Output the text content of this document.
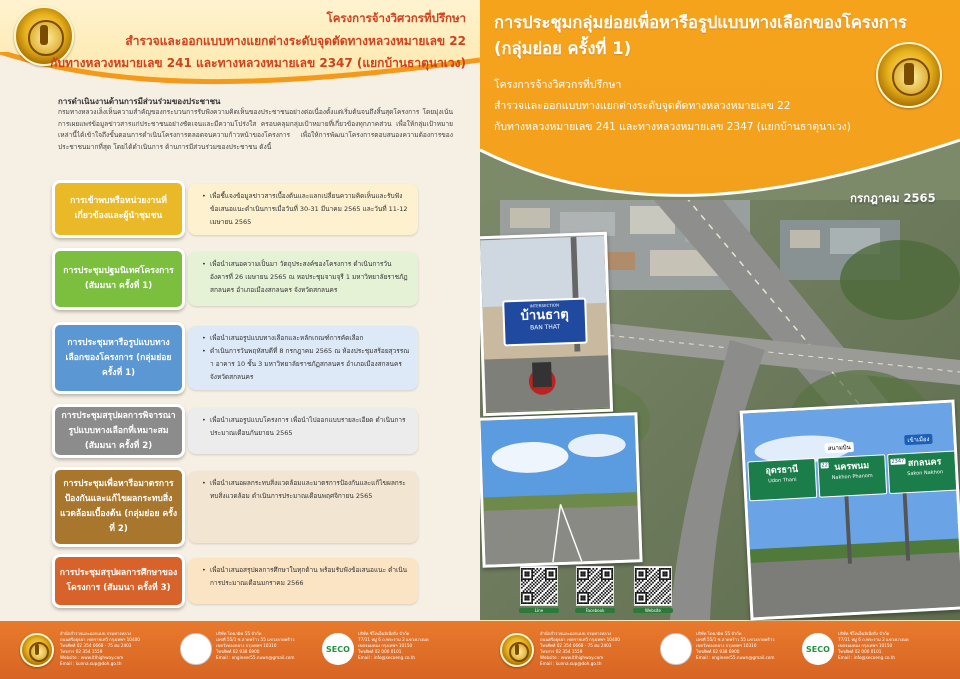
โครงการจ้างวิศวกรที่ปรึกษา
สำรวจและออกแบบทางแยกต่างระดับจุดตัดทางหลวงหมายเลข 22
กับทางหลวงหมายเลข 241 และทางหลวงหมายเลข 2347 (แยกบ้านธาตุนาเวง)
การดำเนินงานด้านการมีส่วนร่วมของประชาชน
กรมทางหลวงเล็งเห็นความสำคัญของกระบวนการรับฟังความคิดเห็นของประชาชนอย่างต่อเนื่องตั้งแต่เริ่มต้นจนถึงสิ้นสุดโครงการ โดยมุ่งเน้นการเผยแพร่ข้อมูลข่าวสารแก่ประชาชนอย่างชัดเจนและมีความโปร่งใส ครอบคลุมกลุ่มเป้าหมายที่เกี่ยวข้องทุกภาคส่วน เพื่อให้กลุ่มเป้าหมายเหล่านี้ได้เข้าใจถึงขั้นตอนการดำเนินโครงการตลอดจนความก้าวหน้าของโครงการ เพื่อให้การพัฒนาโครงการตอบสนองความต้องการของประชาชนมากที่สุด โดยได้ดำเนินการ ด้านการมีส่วนร่วมของประชาชน ดังนี้
การเข้าพบหรือหน่วยงานที่เกี่ยวข้องและผู้นำชุมชน
• เพื่อชี้แจงข้อมูลข่าวสารเบื้องต้นและแลกเปลี่ยนความคิดเห็นและรับฟังข้อเสนอแนะดำเนินการเมื่อวันที่ 30-31 มีนาคม 2565 และวันที่ 11-12 เมษายน 2565
การประชุมปฐมนิเทศโครงการ (สัมมนา ครั้งที่ 1)
• เพื่อนำเสนอความเป็นมา วัตถุประสงค์ของโครงการ ดำเนินการวันอังคารที่ 26 เมษายน 2565 ณ หอประชุมจามจุรี 1 มหาวิทยาลัยราชภัฏสกลนคร อำเภอเมืองสกลนคร จังหวัดสกลนคร
การประชุมหารือรูปแบบทางเลือกของโครงการ (กลุ่มย่อย ครั้งที่ 1)
• เพื่อนำเสนอรูปแบบทางเลือกและหลักเกณฑ์การคัดเลือก
• ดำเนินการวันพฤหัสบดีที่ 8 กรกฎาคม 2565 ณ ห้องประชุมสร้อยสุวรรณา อาคาร 10 ชั้น 3 มหาวิทยาลัยราชภัฏสกลนคร อำเภอเมืองสกลนคร จังหวัดสกลนคร
การประชุมสรุปผลการพิจารณารูปแบบทางเลือกที่เหมาะสม (สัมมนา ครั้งที่ 2)
• เพื่อนำเสนอรูปแบบโครงการ เพื่อนำไปออกแบบรายละเอียด ดำเนินการประมาณเดือนกันยายน 2565
การประชุมเพื่อหารือมาตรการป้องกันและแก้ไขผลกระทบสิ่งแวดล้อมเบื้องต้น (กลุ่มย่อย ครั้งที่ 2)
• เพื่อนำเสนอผลกระทบสิ่งแวดล้อมและมาตรการป้องกันและแก้ไขผลกระทบสิ่งแวดล้อม ดำเนินการประมาณเดือนพฤศจิกายน 2565
การประชุมสรุปผลการศึกษาของโครงการ (สัมมนา ครั้งที่ 3)
• เพื่อนำเสนอสรุปผลการศึกษาในทุกด้าน พร้อมรับฟังข้อเสนอแนะ ดำเนินการประมาณเดือนมกราคม 2566
สำนักสำรวจและออกแบบ กรมทางหลวง
ถนนศรีอยุธยา เขตราชเทวี กรุงเทพฯ 10400
โทรศัพท์ 02 354 6668 - 75 ต่อ 2403
โทรสาร 02 354 1559
Website : www.ltlhighway.com
Email : kunna.sup@doh.go.th
บริษัท ไดนามิค 55 จำกัด
เลขที่ 55/1 ซ.ลาดพร้าว 55 แขวงลาดพร้าว
เขตวังทองหลาง กรุงเทพฯ 10310
โทรศัพท์ 02 938 6900
Email : engineer55.nuwn@gmail.com
SECO
บริษัท ซีโคเอ็นจิเนียริ่ง จำกัด
77/11 หมู่ 6 ถ.พระราม 2 แขวงบางมด
เขตจอมทอง กรุงเทพฯ 10150
โทรศัพท์ 02 000 0101
Email : info@secoeng.co.th
การประชุมกลุ่มย่อยเพื่อหารือรูปแบบทางเลือกของโครงการ
(กลุ่มย่อย ครั้งที่ 1)
โครงการจ้างวิศวกรที่ปรึกษา
สำรวจและออกแบบทางแยกต่างระดับจุดตัดทางหลวงหมายเลข 22
กับทางหลวงหมายเลข 241 และทางหลวงหมายเลข 2347 (แยกบ้านธาตุนาเวง)
กรกฎาคม 2565
INTERSECTION
บ้านธาตุ
BAN THAT
สนามบิน
เข้าเมือง
อุดรธานี
Udon Thani
นครพนม
Nakhon Phanom
22	สกลนคร
Sakon Nakhon
2347
Line	Facebook	Website
สำนักสำรวจและออกแบบ กรมทางหลวง
ถนนศรีอยุธยา เขตราชเทวี กรุงเทพฯ 10400
โทรศัพท์ 02 354 6668 - 75 ต่อ 2403
โทรสาร 02 354 1559
Website : www.ltlhighway.com
Email : kunna.sup@doh.go.th
บริษัท ไดนามิค 55 จำกัด
เลขที่ 55/1 ซ.ลาดพร้าว 55 แขวงลาดพร้าว
เขตวังทองหลาง กรุงเทพฯ 10310
โทรศัพท์ 02 938 6900
Email : engineer55.nuwn@gmail.com
SECO
บริษัท ซีโคเอ็นจิเนียริ่ง จำกัด
77/11 หมู่ 6 ถ.พระราม 2 แขวงบางมด
เขตจอมทอง กรุงเทพฯ 10150
โทรศัพท์ 02 000 0101
Email : info@secoeng.co.th
